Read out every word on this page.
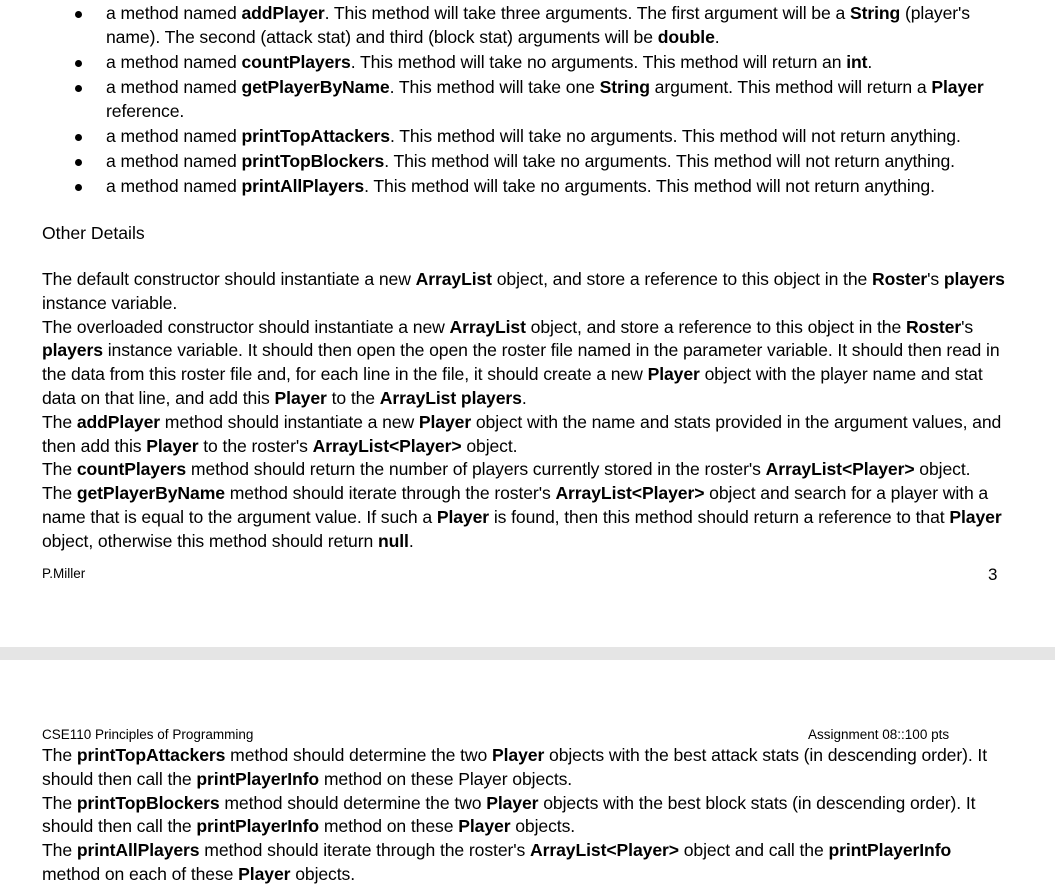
a method named addPlayer. This method will take three arguments. The first argument will be a String (player's name). The second (attack stat) and third (block stat) arguments will be double.
a method named countPlayers. This method will take no arguments. This method will return an int.
a method named getPlayerByName. This method will take one String argument. This method will return a Player reference.
a method named printTopAttackers. This method will take no arguments. This method will not return anything.
a method named printTopBlockers. This method will take no arguments. This method will not return anything.
a method named printAllPlayers. This method will take no arguments. This method will not return anything.
Other Details

The default constructor should instantiate a new ArrayList object, and store a reference to this object in the Roster's players instance variable.

The overloaded constructor should instantiate a new ArrayList object, and store a reference to this object in the Roster's players instance variable. It should then open the open the roster file named in the parameter variable. It should then read in the data from this roster file and, for each line in the file, it should create a new Player object with the player name and stat data on that line, and add this Player to the ArrayList players.

The addPlayer method should instantiate a new Player object with the name and stats provided in the argument values, and then add this Player to the roster's ArrayList<Player> object.

The countPlayers method should return the number of players currently stored in the roster's ArrayList<Player> object.

The getPlayerByName method should iterate through the roster's ArrayList<Player> object and search for a player with a name that is equal to the argument value. If such a Player is found, then this method should return a reference to that Player object, otherwise this method should return null.

P.Miller	3
CSE110 Principles of Programming	Assignment 08::100 pts

The printTopAttackers method should determine the two Player objects with the best attack stats (in descending order). It should then call the printPlayerInfo method on these Player objects.

The printTopBlockers method should determine the two Player objects with the best block stats (in descending order). It should then call the printPlayerInfo method on these Player objects.

The printAllPlayers method should iterate through the roster's ArrayList<Player> object and call the printPlayerInfo method on each of these Player objects.
